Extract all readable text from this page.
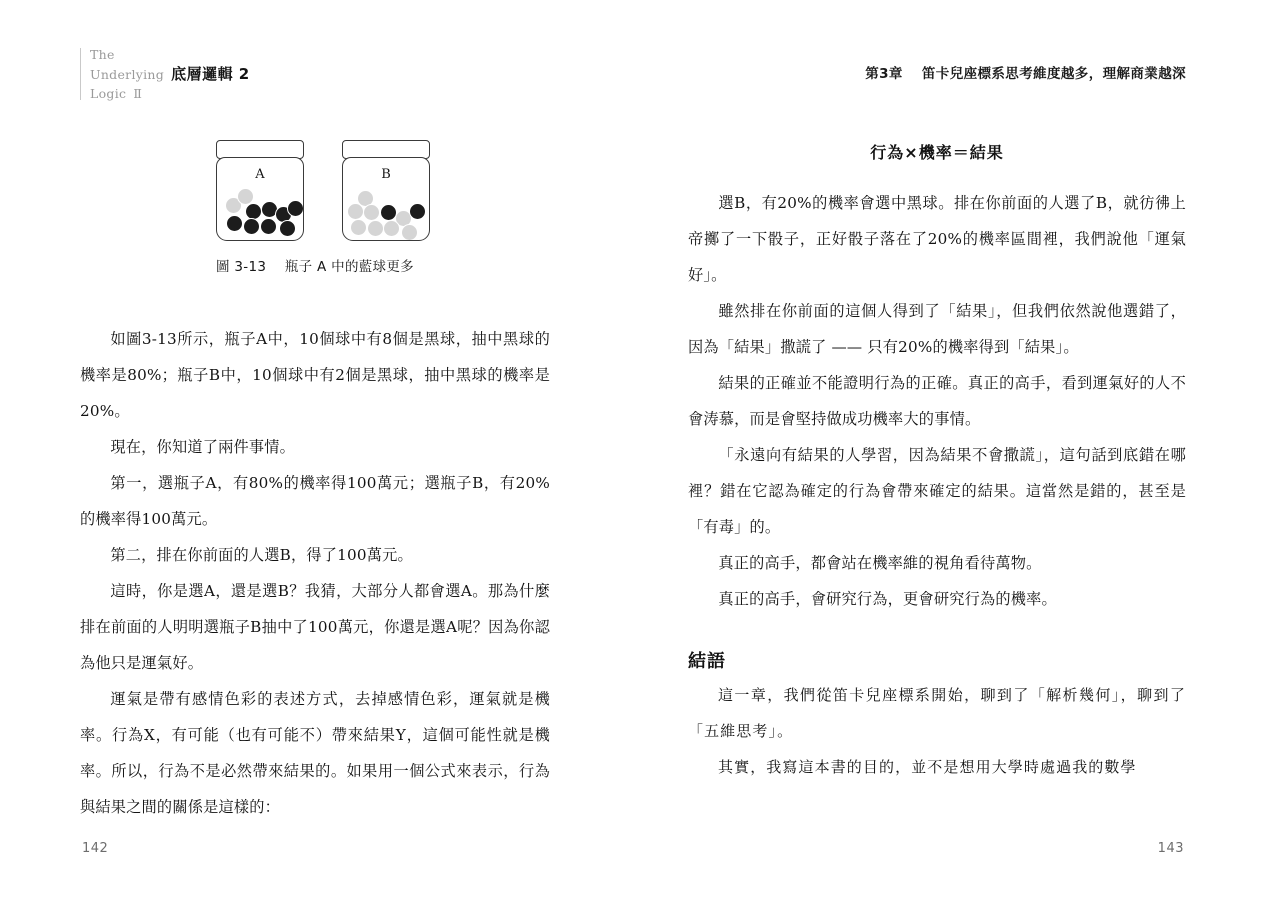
The
Underlying 底層邏輯 2
Logic Ⅱ
第3章 笛卡兒座標系思考維度越多，理解商業越深
A	B
圖 3-13 瓶子 A 中的藍球更多

如圖3-13所示，瓶子A中，10個球中有8個是黑球，抽中黑球的機率是80%；瓶子B中，10個球中有2個是黑球，抽中黑球的機率是20%。

現在，你知道了兩件事情。

第一，選瓶子A，有80%的機率得100萬元；選瓶子B，有20%的機率得100萬元。

第二，排在你前面的人選B，得了100萬元。

這時，你是選A，還是選B？我猜，大部分人都會選A。那為什麼排在前面的人明明選瓶子B抽中了100萬元，你還是選A呢？因為你認為他只是運氣好。

運氣是帶有感情色彩的表述方式，去掉感情色彩，運氣就是機率。行為X，有可能（也有可能不）帶來結果Y，這個可能性就是機率。所以，行為不是必然帶來結果的。如果用一個公式來表示，行為與結果之間的關係是這樣的：

行為×機率＝結果

選B，有20%的機率會選中黑球。排在你前面的人選了B，就彷彿上帝擲了一下骰子，正好骰子落在了20%的機率區間裡，我們說他「運氣好」。

雖然排在你前面的這個人得到了「結果」，但我們依然說他選錯了，因為「結果」撒謊了 —— 只有20%的機率得到「結果」。

結果的正確並不能證明行為的正確。真正的高手，看到運氣好的人不會涛慕，而是會堅持做成功機率大的事情。

「永遠向有結果的人學習，因為結果不會撒謊」，這句話到底錯在哪裡？錯在它認為確定的行為會帶來確定的結果。這當然是錯的，甚至是「有毒」的。

真正的高手，都會站在機率維的視角看待萬物。

真正的高手，會研究行為，更會研究行為的機率。

結語

這一章，我們從笛卡兒座標系開始，聊到了「解析幾何」，聊到了「五維思考」。

其實，我寫這本書的目的，並不是想用大學時處過我的數學

142	143
